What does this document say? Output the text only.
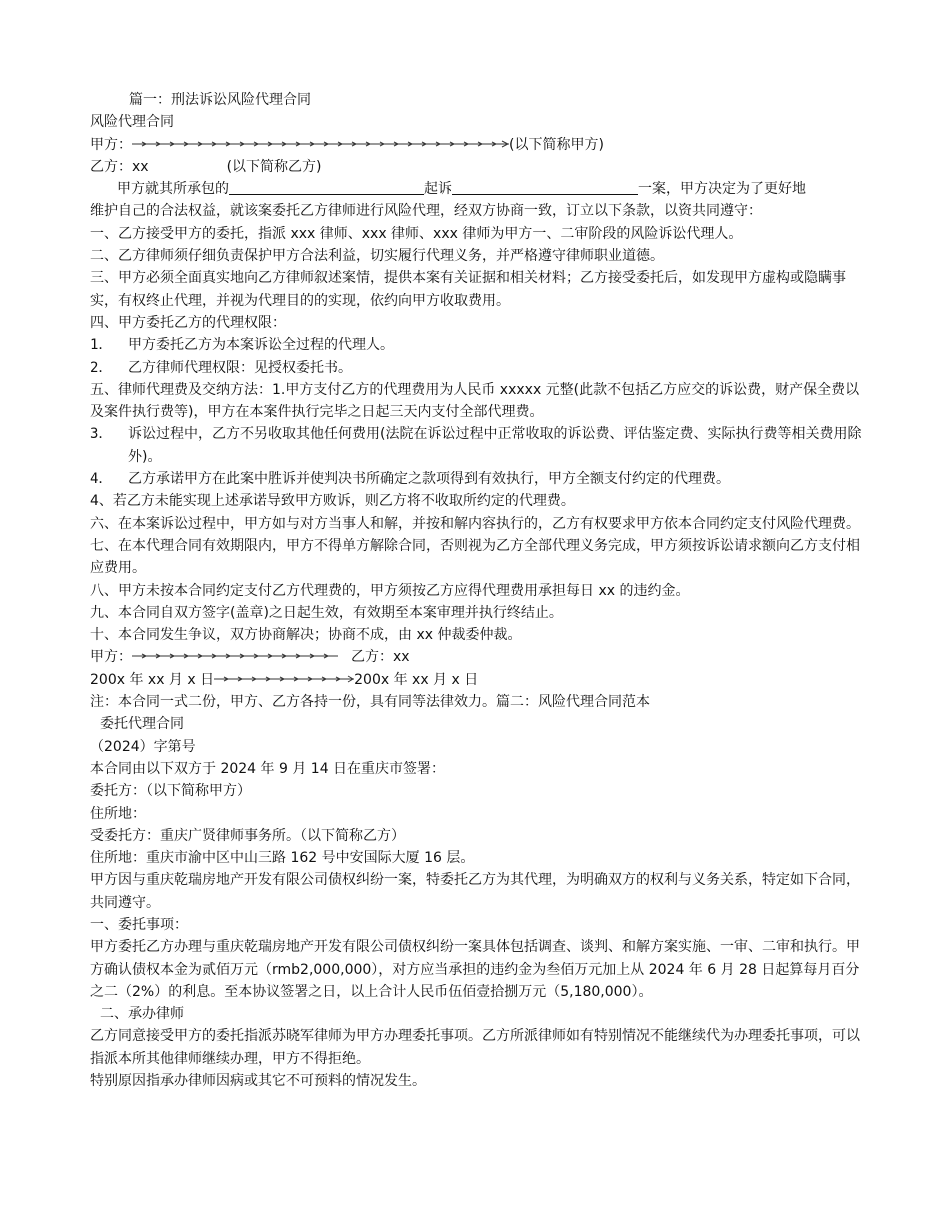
篇一：刑法诉讼风险代理合同
风险代理合同
甲方：	(以下简称甲方)
乙方：xx	(以下简称乙方)
甲方就其所承包的	起诉	一案，甲方决定为了更好地
维护自己的合法权益，就该案委托乙方律师进行风险代理，经双方协商一致，订立以下条款，以资共同遵守：
一、乙方接受甲方的委托，指派 xxx 律师、xxx 律师、xxx 律师为甲方一、二审阶段的风险诉讼代理人。
二、乙方律师须仔细负责保护甲方合法利益，切实履行代理义务，并严格遵守律师职业道德。
三、甲方必须全面真实地向乙方律师叙述案情，提供本案有关证据和相关材料；乙方接受委托后，如发现甲方虚构或隐瞒事实，有权终止代理，并视为代理目的的实现，依约向甲方收取费用。
四、甲方委托乙方的代理权限：
1．	甲方委托乙方为本案诉讼全过程的代理人。
2．	乙方律师代理权限：见授权委托书。
五、律师代理费及交纳方法：1.甲方支付乙方的代理费用为人民币 xxxxx 元整(此款不包括乙方应交的诉讼费，财产保全费以及案件执行费等)，甲方在本案件执行完毕之日起三天内支付全部代理费。
3．	诉讼过程中，乙方不另收取其他任何费用(法院在诉讼过程中正常收取的诉讼费、评估鉴定费、实际执行费等相关费用除外)。
4．	乙方承诺甲方在此案中胜诉并使判决书所确定之款项得到有效执行，甲方全额支付约定的代理费。
4、若乙方未能实现上述承诺导致甲方败诉，则乙方将不收取所约定的代理费。
六、在本案诉讼过程中，甲方如与对方当事人和解，并按和解内容执行的，乙方有权要求甲方依本合同约定支付风险代理费。
七、在本代理合同有效期限内，甲方不得单方解除合同，否则视为乙方全部代理义务完成，甲方须按诉讼请求额向乙方支付相应费用。
八、甲方未按本合同约定支付乙方代理费的，甲方须按乙方应得代理费用承担每日 xx 的违约金。
九、本合同自双方签字(盖章)之日起生效，有效期至本案审理并执行终结止。
十、本合同发生争议，双方协商解决；协商不成，由 xx 仲裁委仲裁。
甲方：	乙方：xx
200x 年 xx 月 x 日	200x 年 xx 月 x 日
注：本合同一式二份，甲方、乙方各持一份，具有同等法律效力。篇二：风险代理合同范本
委托代理合同
（2024）字第号
本合同由以下双方于 2024 年 9 月 14 日在重庆市签署：
委托方：（以下简称甲方）
住所地：
受委托方：重庆广贤律师事务所。（以下简称乙方）
住所地：重庆市渝中区中山三路 162 号中安国际大厦 16 层。
甲方因与重庆乾瑞房地产开发有限公司债权纠纷一案，特委托乙方为其代理，为明确双方的权利与义务关系，特定如下合同，共同遵守。
一、委托事项：
甲方委托乙方办理与重庆乾瑞房地产开发有限公司债权纠纷一案具体包括调查、谈判、和解方案实施、一审、二审和执行。甲方确认债权本金为贰佰万元（rmb2,000,000），对方应当承担的违约金为叁佰万元加上从 2024 年 6 月 28 日起算每月百分之二（2%）的利息。至本协议签署之日，以上合计人民币伍佰壹拾捌万元（5,180,000）。
二、承办律师
乙方同意接受甲方的委托指派苏晓军律师为甲方办理委托事项。乙方所派律师如有特别情况不能继续代为办理委托事项，可以指派本所其他律师继续办理，甲方不得拒绝。
特别原因指承办律师因病或其它不可预料的情况发生。
